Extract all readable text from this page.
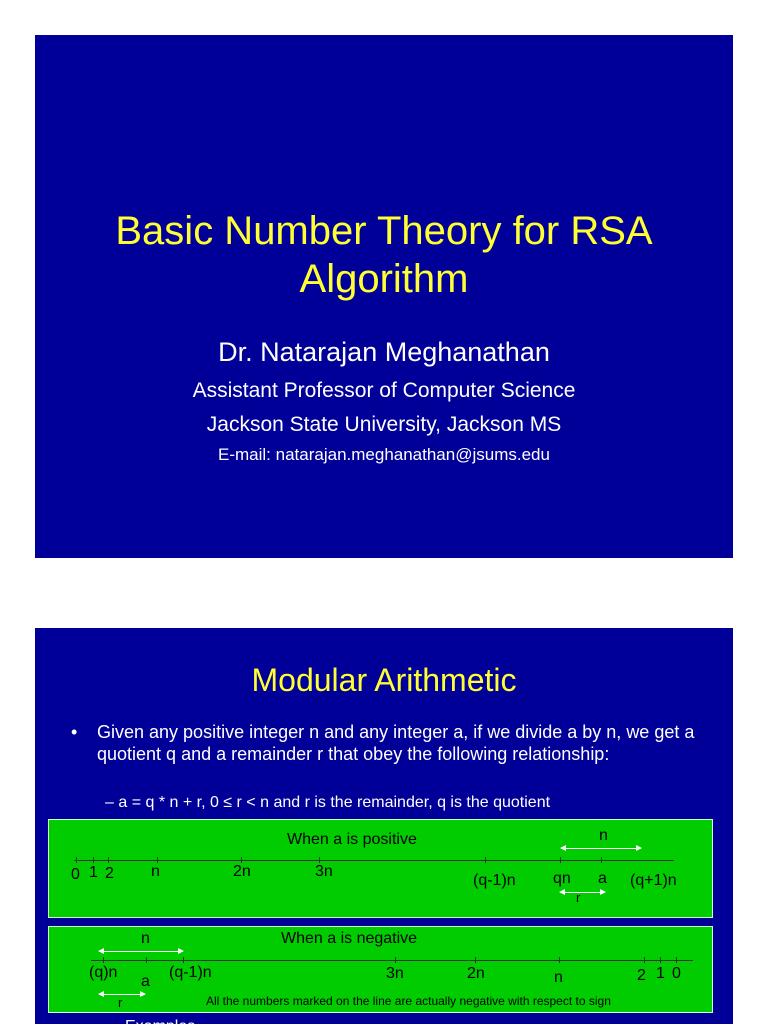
Basic Number Theory for RSA
Algorithm
Dr. Natarajan Meghanathan
Assistant Professor of Computer Science
Jackson State University, Jackson MS
E-mail: natarajan.meghanathan@jsums.edu
Modular Arithmetic
• Given any positive integer n and any integer a, if we divide a by n, we get a quotient q and a remainder r that obey the following relationship:
– a = q * n + r, 0 ≤ r < n and r is the remainder, q is the quotient
When a is positive	n
0 1 2 n	2n	3n
(q-1)n qn a (q+1)n
r
n	When a is negative
(q)n
a
(q-1)n	3n	2n	n	2 1 0
r	All the numbers marked on the line are actually negative with respect to sign
Examples
